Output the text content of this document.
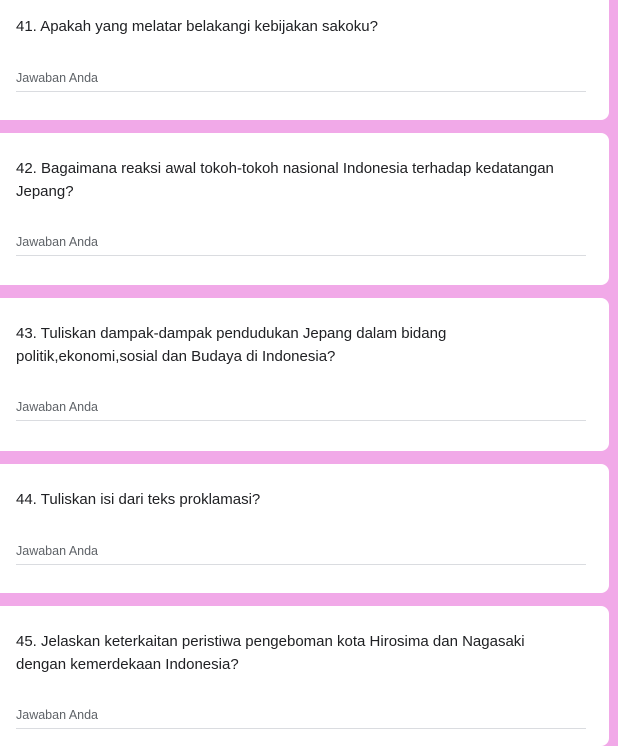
41. Apakah yang melatar belakangi kebijakan sakoku?
Jawaban Anda
42. Bagaimana reaksi awal tokoh-tokoh nasional Indonesia terhadap kedatangan Jepang?
Jawaban Anda
43. Tuliskan dampak-dampak pendudukan Jepang dalam bidang politik,ekonomi,sosial dan Budaya di Indonesia?
Jawaban Anda
44. Tuliskan isi dari teks proklamasi?
Jawaban Anda
45. Jelaskan keterkaitan peristiwa pengeboman kota Hirosima dan Nagasaki dengan kemerdekaan Indonesia?
Jawaban Anda
